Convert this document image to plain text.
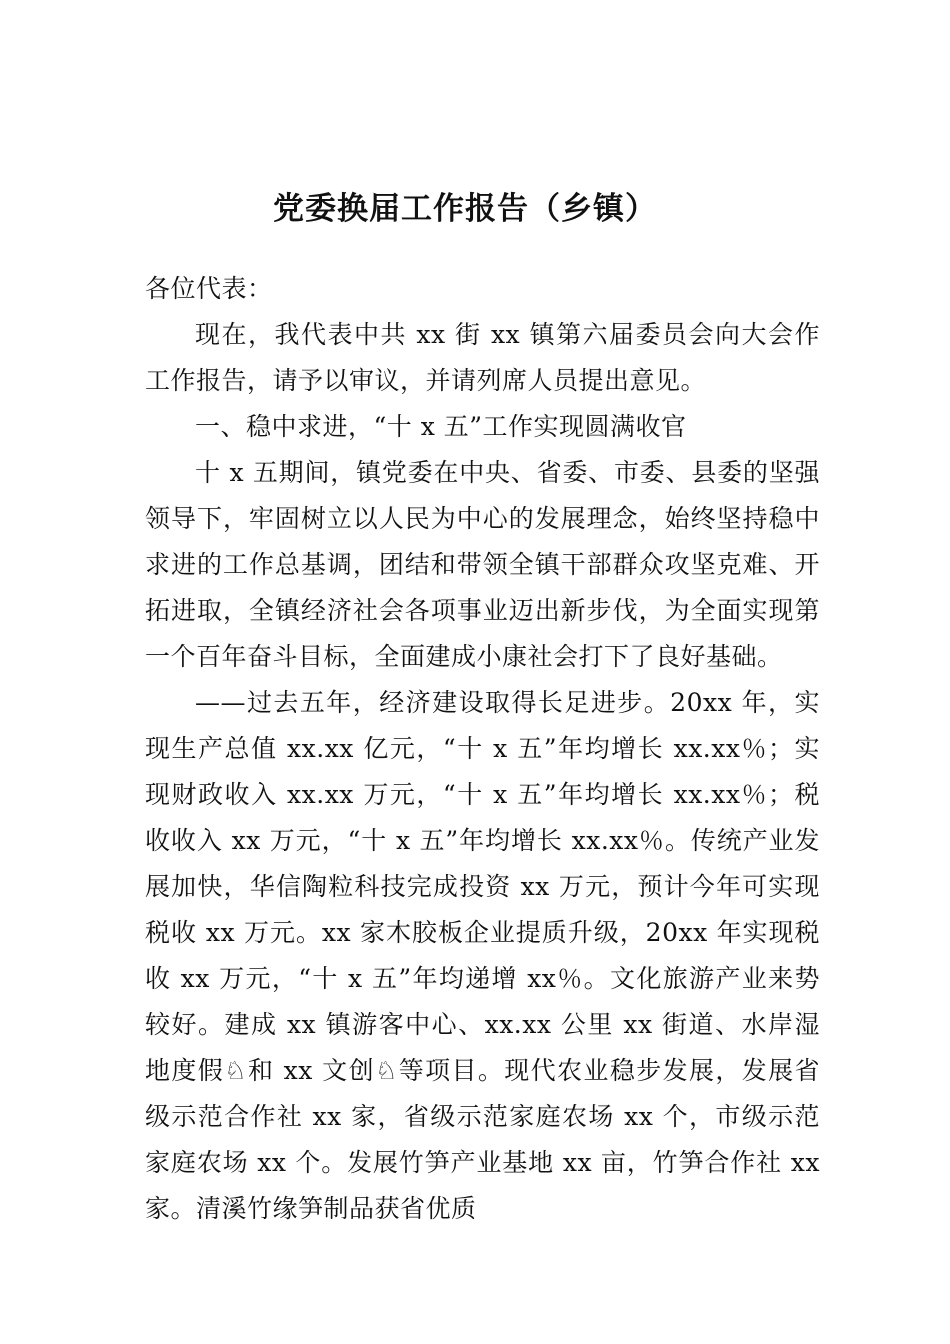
党委换届工作报告（乡镇）

各位代表：

现在，我代表中共 xx 街 xx 镇第六届委员会向大会作工作报告，请予以审议，并请列席人员提出意见。

一、稳中求进，“十 x 五”工作实现圆满收官

十 x 五期间，镇党委在中央、省委、市委、县委的坚强领导下，牢固树立以人民为中心的发展理念，始终坚持稳中求进的工作总基调，团结和带领全镇干部群众攻坚克难、开拓进取，全镇经济社会各项事业迈出新步伐，为全面实现第一个百年奋斗目标，全面建成小康社会打下了良好基础。

——过去五年，经济建设取得长足进步。20xx 年，实现生产总值 xx.xx 亿元，“十 x 五”年均增长 xx.xx％；实现财政收入 xx.xx 万元，“十 x 五”年均增长 xx.xx％；税收收入 xx 万元，“十 x 五”年均增长 xx.xx％。传统产业发展加快，华信陶粒科技完成投资 xx 万元，预计今年可实现税收 xx 万元。xx 家木胶板企业提质升级，20xx 年实现税收 xx 万元，“十 x 五”年均递增 xx％。文化旅游产业来势较好。建成 xx 镇游客中心、xx.xx 公里 xx 街道、水岸湿地度假♘和 xx 文创♘等项目。现代农业稳步发展，发展省级示范合作社 xx 家，省级示范家庭农场 xx 个，市级示范家庭农场 xx 个。发展竹笋产业基地 xx 亩，竹笋合作社 xx 家。清溪竹缘笋制品获省优质
